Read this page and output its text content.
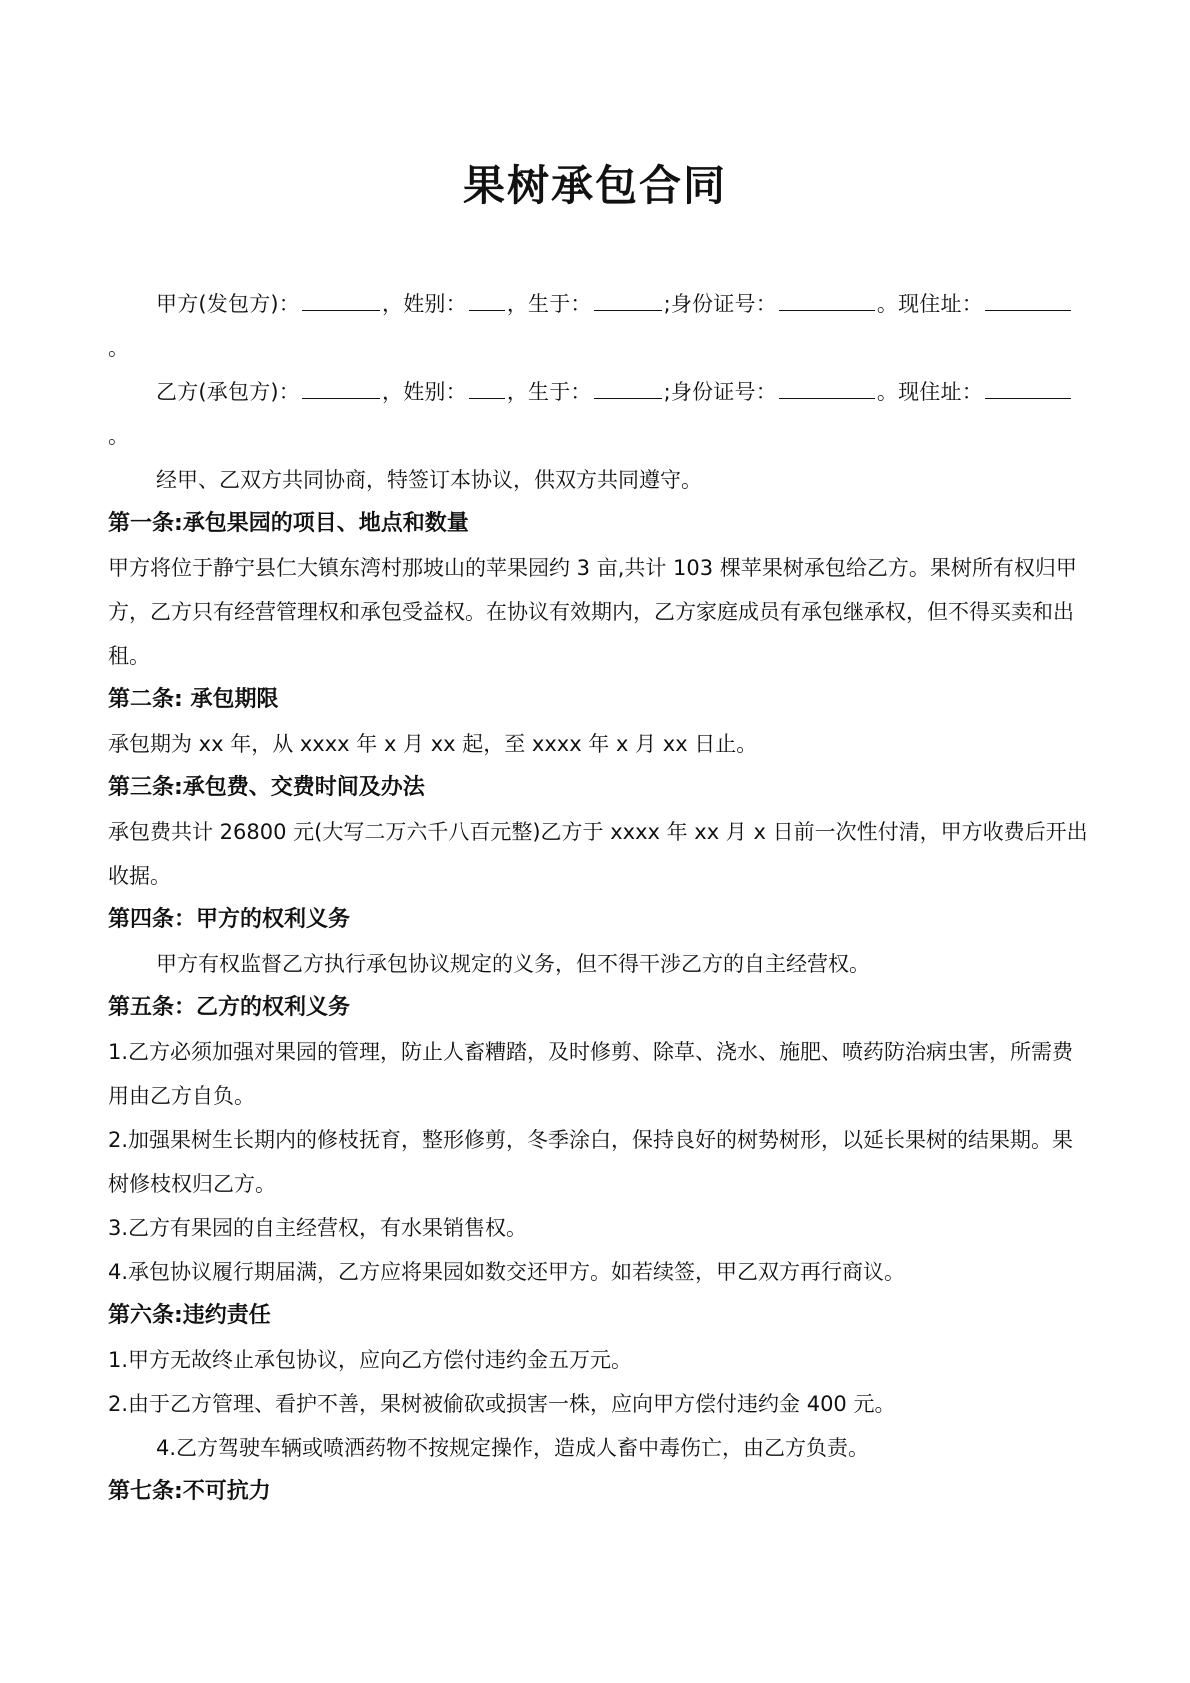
果树承包合同

甲方(发包方)：	，姓别： ，生于：	;身份证号：	。现住址：

。

乙方(承包方)：	，姓别： ，生于：	;身份证号：	。现住址：

。

经甲、乙双方共同协商，特签订本协议，供双方共同遵守。

第一条:承包果园的项目、地点和数量

甲方将位于静宁县仁大镇东湾村那坡山的苹果园约 3 亩,共计 103 棵苹果树承包给乙方。果树所有权归甲方，乙方只有经营管理权和承包受益权。在协议有效期内，乙方家庭成员有承包继承权，但不得买卖和出租。

第二条: 承包期限

承包期为 xx 年，从 xxxx 年 x 月 xx 起，至 xxxx 年 x 月 xx 日止。

第三条:承包费、交费时间及办法

承包费共计 26800 元(大写二万六千八百元整)乙方于 xxxx 年 xx 月 x 日前一次性付清，甲方收费后开出收据。

第四条：甲方的权利义务

甲方有权监督乙方执行承包协议规定的义务，但不得干涉乙方的自主经营权。

第五条：乙方的权利义务

1.乙方必须加强对果园的管理，防止人畜糟踏，及时修剪、除草、浇水、施肥、喷药防治病虫害，所需费用由乙方自负。

2.加强果树生长期内的修枝抚育，整形修剪，冬季涂白，保持良好的树势树形，以延长果树的结果期。果树修枝权归乙方。

3.乙方有果园的自主经营权，有水果销售权。

4.承包协议履行期届满，乙方应将果园如数交还甲方。如若续签，甲乙双方再行商议。

第六条:违约责任

1.甲方无故终止承包协议，应向乙方偿付违约金五万元。

2.由于乙方管理、看护不善，果树被偷砍或损害一株，应向甲方偿付违约金 400 元。

4.乙方驾驶车辆或喷洒药物不按规定操作，造成人畜中毒伤亡，由乙方负责。

第七条:不可抗力
